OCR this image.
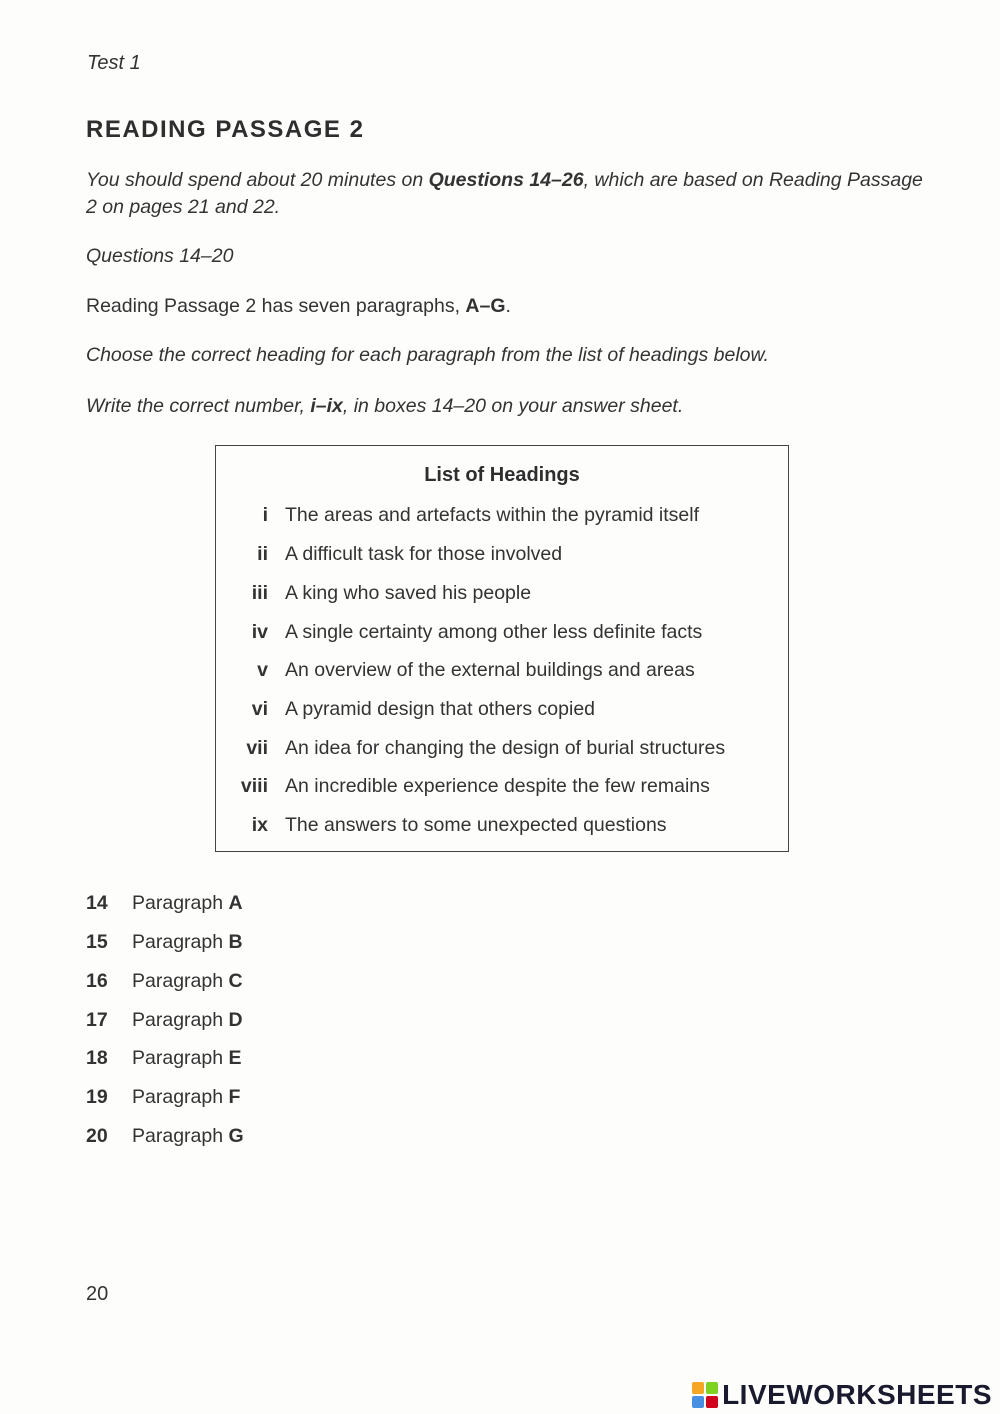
Test 1
READING PASSAGE 2
You should spend about 20 minutes on Questions 14–26, which are based on Reading Passage 2 on pages 21 and 22.
Questions 14–20
Reading Passage 2 has seven paragraphs, A–G.
Choose the correct heading for each paragraph from the list of headings below.
Write the correct number, i–ix, in boxes 14–20 on your answer sheet.
List of Headings
i The areas and artefacts within the pyramid itself
ii A difficult task for those involved
iii A king who saved his people
iv A single certainty among other less definite facts
v An overview of the external buildings and areas
vi A pyramid design that others copied
vii An idea for changing the design of burial structures
viii An incredible experience despite the few remains
ix The answers to some unexpected questions
14	Paragraph A
15	Paragraph B
16	Paragraph C
17	Paragraph D
18	Paragraph E
19	Paragraph F
20	Paragraph G
20
LIVEWORKSHEETS
